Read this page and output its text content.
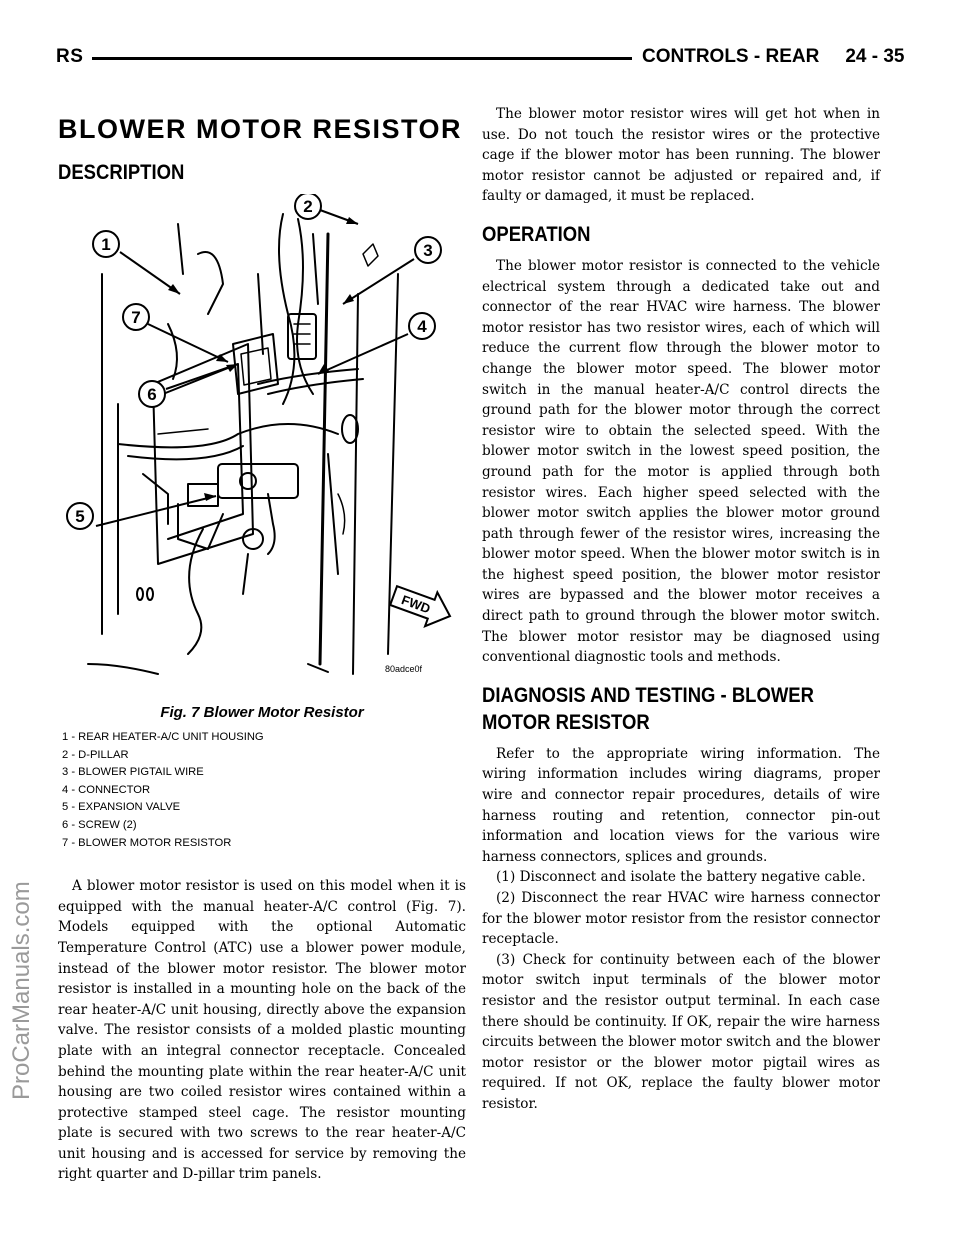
RS	CONTROLS - REAR 24 - 35
ProCarManuals.com
BLOWER MOTOR RESISTOR
DESCRIPTION
1
2
3
4
5
6
7
FWD
80adce0f
Fig. 7 Blower Motor Resistor
1 - REAR HEATER-A/C UNIT HOUSING
2 - D-PILLAR
3 - BLOWER PIGTAIL WIRE
4 - CONNECTOR
5 - EXPANSION VALVE
6 - SCREW (2)
7 - BLOWER MOTOR RESISTOR

A blower motor resistor is used on this model when it is equipped with the manual heater-A/C control (Fig. 7). Models equipped with the optional Automatic Temperature Control (ATC) use a blower power module, instead of the blower motor resistor. The blower motor resistor is installed in a mounting hole on the back of the rear heater-A/C unit housing, directly above the expansion valve. The resistor consists of a molded plastic mounting plate with an integral connector receptacle. Concealed behind the mounting plate within the rear heater-A/C unit housing are two coiled resistor wires contained within a protective stamped steel cage. The resistor mounting plate is secured with two screws to the rear heater-A/C unit housing and is accessed for service by removing the right quarter and D-pillar trim panels.

The blower motor resistor wires will get hot when in use. Do not touch the resistor wires or the protective cage if the blower motor has been running. The blower motor resistor cannot be adjusted or repaired and, if faulty or damaged, it must be replaced.

OPERATION

The blower motor resistor is connected to the vehicle electrical system through a dedicated take out and connector of the rear HVAC wire harness. The blower motor resistor has two resistor wires, each of which will reduce the current flow through the blower motor to change the blower motor speed. The blower motor switch in the manual heater-A/C control directs the ground path for the blower motor through the correct resistor wire to obtain the selected speed. With the blower motor switch in the lowest speed position, the ground path for the motor is applied through both resistor wires. Each higher speed selected with the blower motor switch applies the blower motor ground path through fewer of the resistor wires, increasing the blower motor speed. When the blower motor switch is in the highest speed position, the blower motor resistor wires are bypassed and the blower motor receives a direct path to ground through the blower motor switch. The blower motor resistor may be diagnosed using conventional diagnostic tools and methods.

DIAGNOSIS AND TESTING - BLOWER MOTOR RESISTOR

Refer to the appropriate wiring information. The wiring information includes wiring diagrams, proper wire and connector repair procedures, details of wire harness routing and retention, connector pin-out information and location views for the various wire harness connectors, splices and grounds.

(1) Disconnect and isolate the battery negative cable.

(2) Disconnect the rear HVAC wire harness connector for the blower motor resistor from the resistor connector receptacle.

(3) Check for continuity between each of the blower motor switch input terminals of the blower motor resistor and the resistor output terminal. In each case there should be continuity. If OK, repair the wire harness circuits between the blower motor switch and the blower motor resistor or the blower motor pigtail wires as required. If not OK, replace the faulty blower motor resistor.
